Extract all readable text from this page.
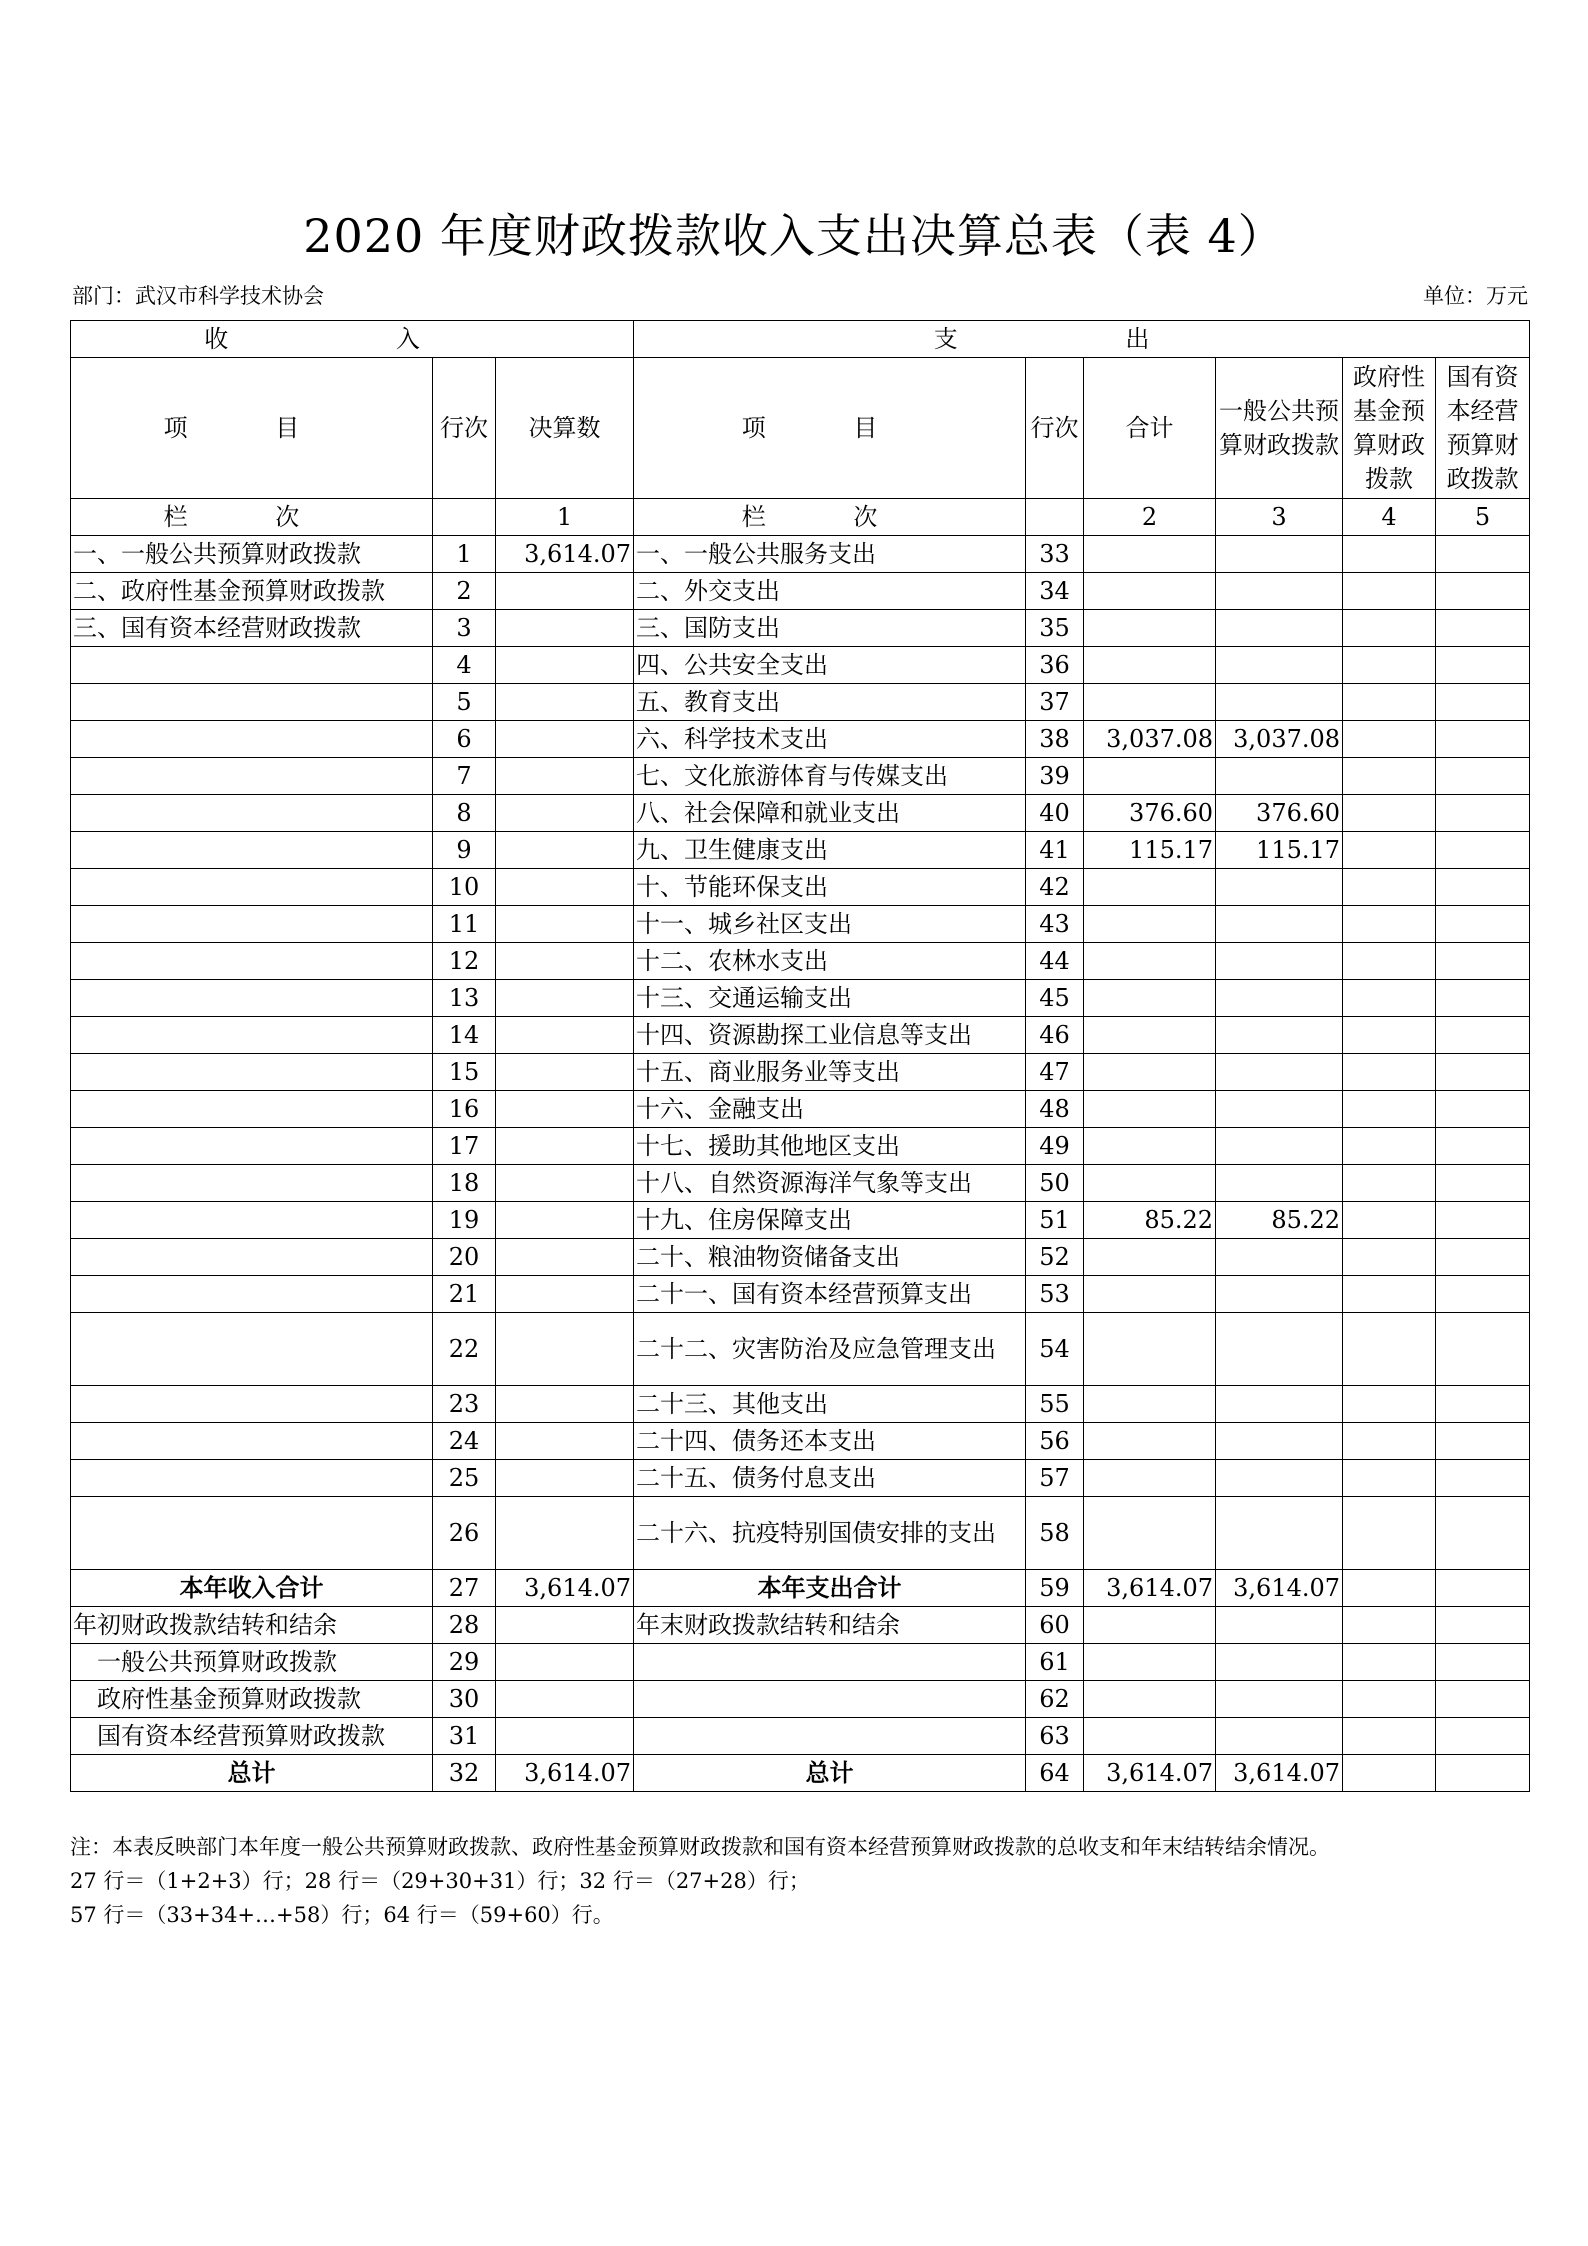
2020 年度财政拨款收入支出决算总表（表 4）
部门：武汉市科学技术协会	单位：万元
收 入			支 出					
项 目	行次	决算数	项 目	行次	合计	一般公共预算财政拨款	政府性基金预算财政拨款	国有资本经营预算财政拨款
栏 次		1	栏 次		2	3	4	5
一、一般公共预算财政拨款	1	3,614.07	一、一般公共服务支出	33				
二、政府性基金预算财政拨款	2		二、外交支出	34				
三、国有资本经营财政拨款	3		三、国防支出	35				
	4		四、公共安全支出	36				
	5		五、教育支出	37				
	6		六、科学技术支出	38	3,037.08	3,037.08		
	7		七、文化旅游体育与传媒支出	39				
	8		八、社会保障和就业支出	40	376.60	376.60		
	9		九、卫生健康支出	41	115.17	115.17		
	10		十、节能环保支出	42				
	11		十一、城乡社区支出	43				
	12		十二、农林水支出	44				
	13		十三、交通运输支出	45				
	14		十四、资源勘探工业信息等支出	46				
	15		十五、商业服务业等支出	47				
	16		十六、金融支出	48				
	17		十七、援助其他地区支出	49				
	18		十八、自然资源海洋气象等支出	50				
	19		十九、住房保障支出	51	85.22	85.22		
	20		二十、粮油物资储备支出	52				
	21		二十一、国有资本经营预算支出	53				
	22		二十二、灾害防治及应急管理支出	54				
	23		二十三、其他支出	55				
	24		二十四、债务还本支出	56				
	25		二十五、债务付息支出	57				
	26		二十六、抗疫特别国债安排的支出	58				
本年收入合计	27	3,614.07	本年支出合计	59	3,614.07	3,614.07		
年初财政拨款结转和结余	28		年末财政拨款结转和结余	60				
一般公共预算财政拨款	29			61				
政府性基金预算财政拨款	30			62				
国有资本经营预算财政拨款	31			63				
总计	32	3,614.07	总计	64	3,614.07	3,614.07		
注：本表反映部门本年度一般公共预算财政拨款、政府性基金预算财政拨款和国有资本经营预算财政拨款的总收支和年末结转结余情况。
27 行＝（1+2+3）行；28 行＝（29+30+31）行；32 行＝（27+28）行；
57 行＝（33+34+…+58）行；64 行＝（59+60）行。
